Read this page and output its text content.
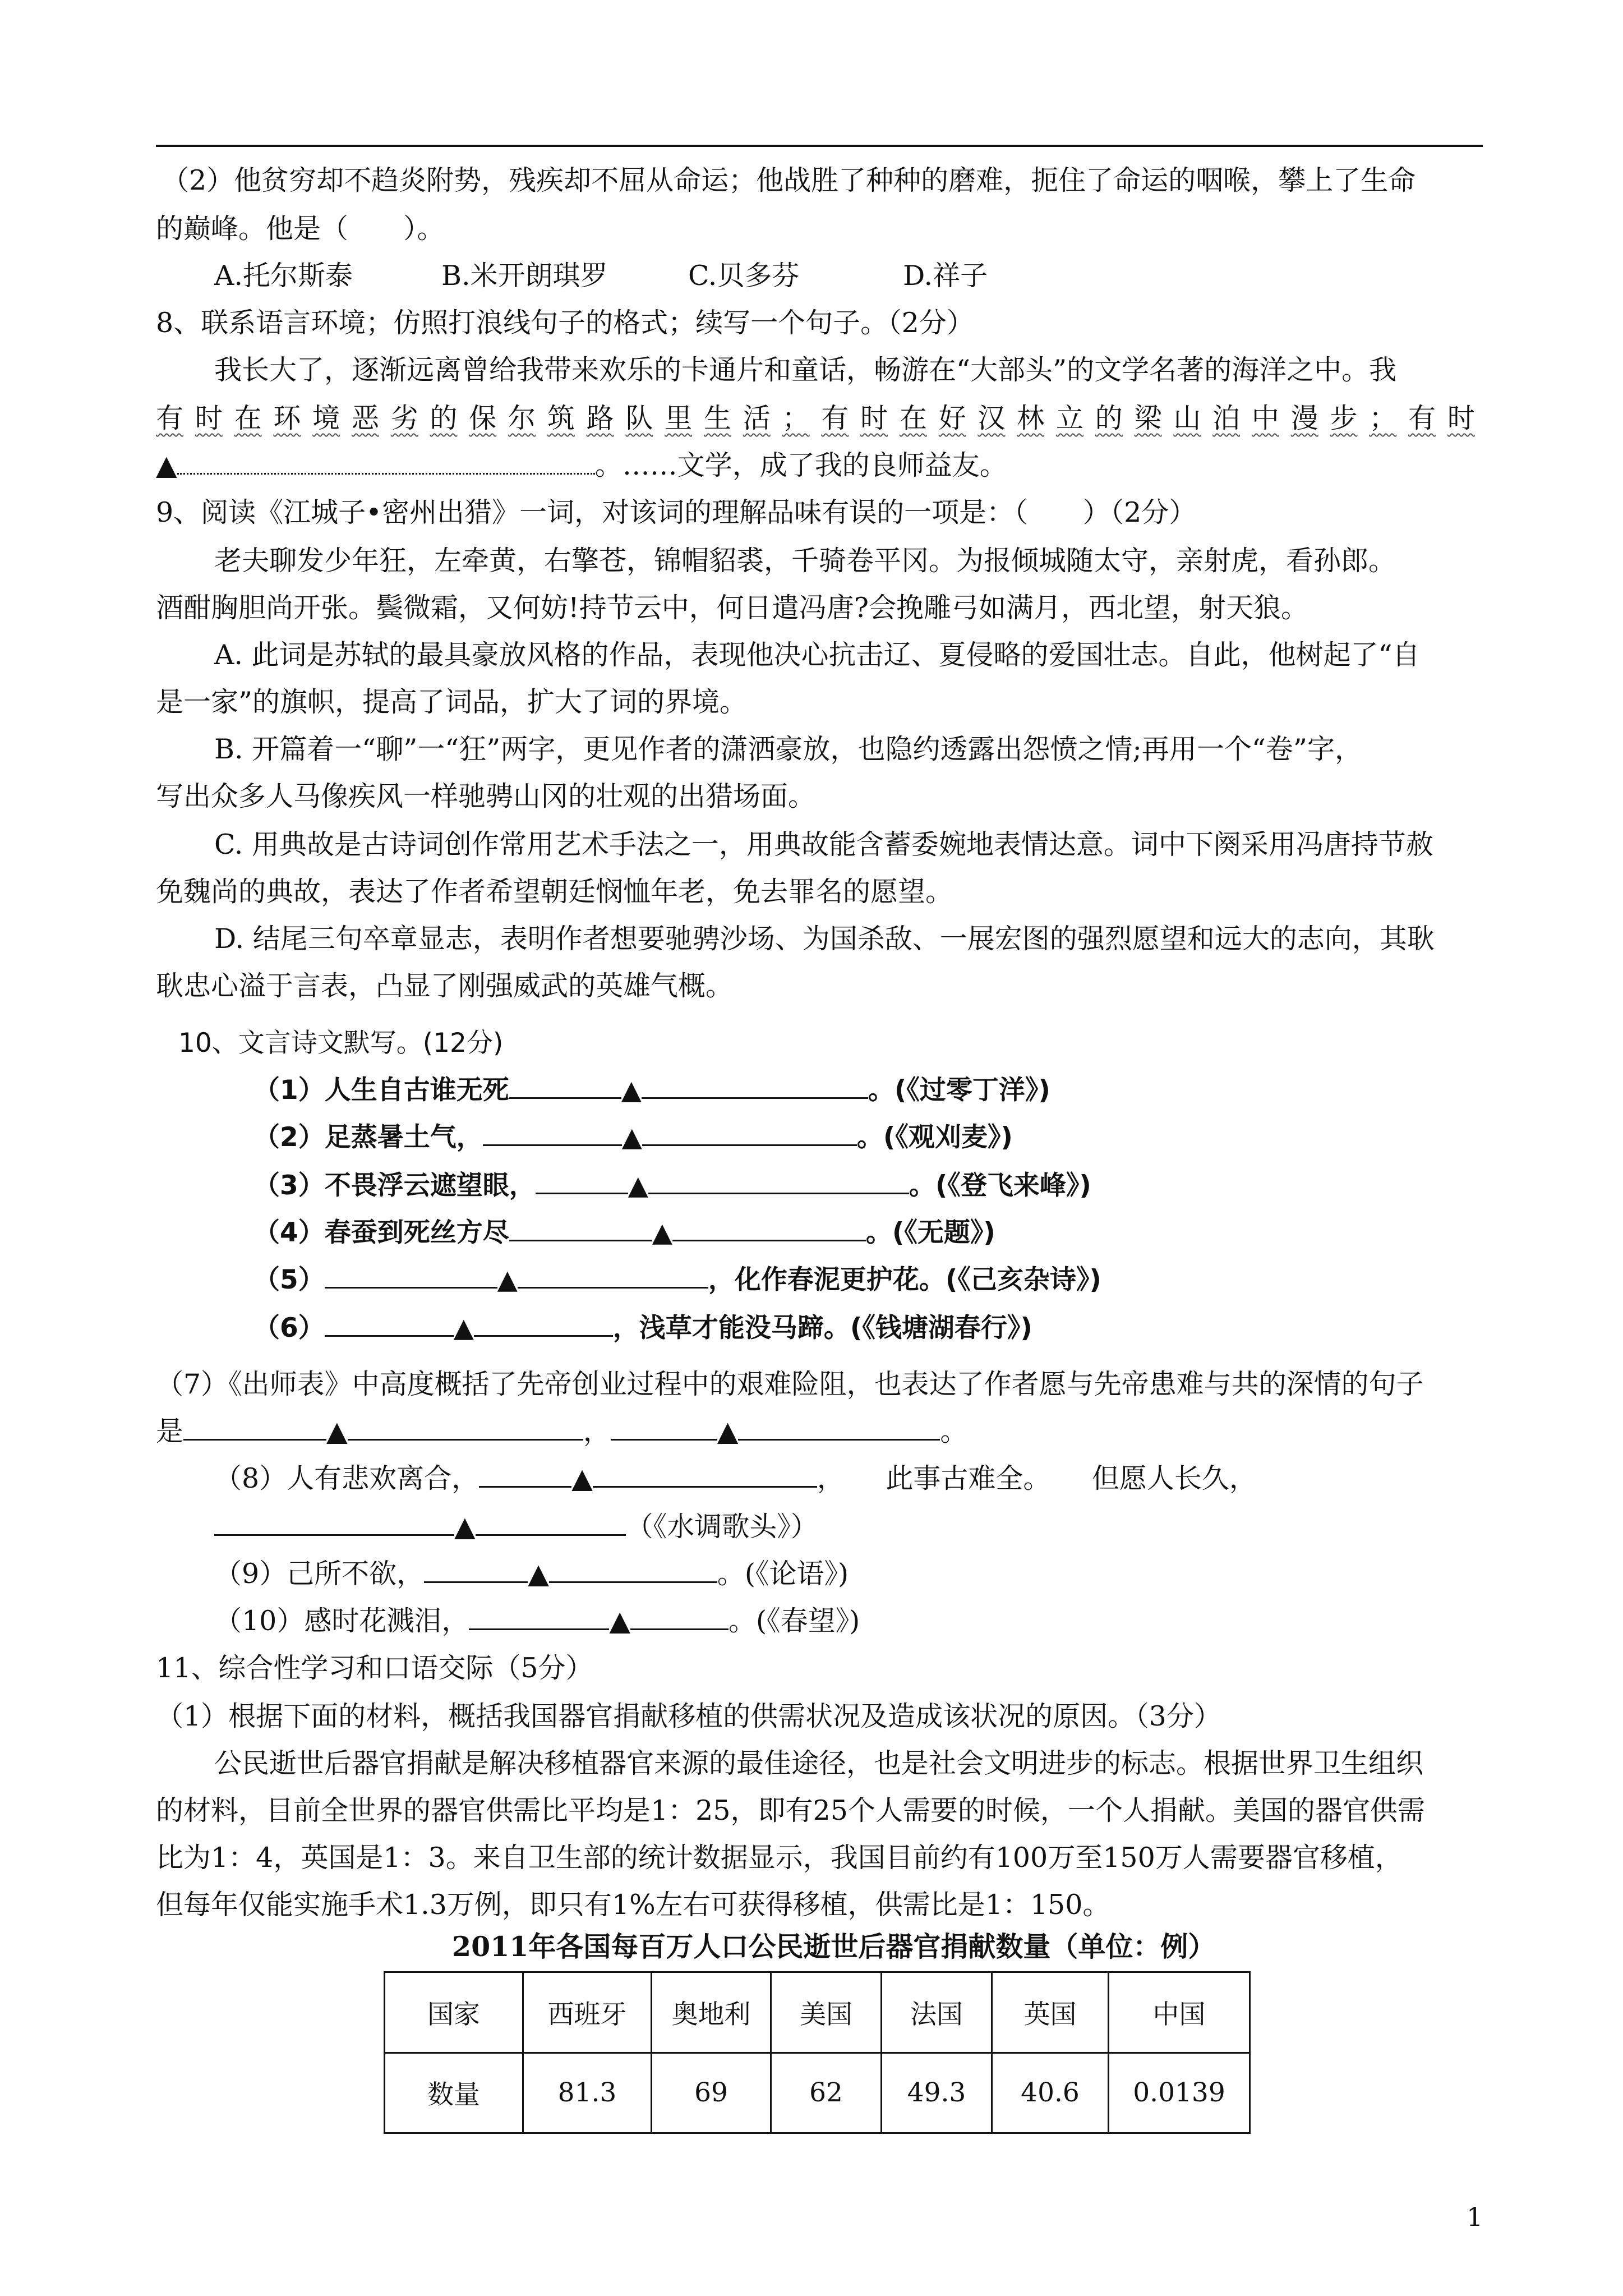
（2）他贫穷却不趋炎附势，残疾却不屈从命运；他战胜了种种的磨难，扼住了命运的咽喉，攀上了生命
的巅峰。他是（　　）。
A.托尔斯泰	B.米开朗琪罗	C.贝多芬	D.祥子
8、联系语言环境；仿照打浪线句子的格式；续写一个句子。（2分）
我长大了，逐渐远离曾给我带来欢乐的卡通片和童话，畅游在“大部头”的文学名著的海洋之中。我
有 时 在 环 境 恶 劣 的 保 尔 筑 路 队 里 生 活 ； 有 时 在 好 汉 林 立 的 梁 山 泊 中 漫 步 ； 有 时
▲	。……文学，成了我的良师益友。
9、阅读《江城子•密州出猎》一词，对该词的理解品味有误的一项是：（　　）（2分）
老夫聊发少年狂，左牵黄，右擎苍，锦帽貂裘，千骑卷平冈。为报倾城随太守，亲射虎，看孙郎。
酒酣胸胆尚开张。鬓微霜，又何妨!持节云中，何日遣冯唐?会挽雕弓如满月，西北望，射天狼。
A. 此词是苏轼的最具豪放风格的作品，表现他决心抗击辽、夏侵略的爱国壮志。自此，他树起了“自
是一家”的旗帜，提高了词品，扩大了词的界境。
B. 开篇着一“聊”一“狂”两字，更见作者的潇洒豪放，也隐约透露出怨愤之情;再用一个“卷”字，
写出众多人马像疾风一样驰骋山冈的壮观的出猎场面。
C. 用典故是古诗词创作常用艺术手法之一，用典故能含蓄委婉地表情达意。词中下阕采用冯唐持节赦
免魏尚的典故，表达了作者希望朝廷悯恤年老，免去罪名的愿望。
D. 结尾三句卒章显志，表明作者想要驰骋沙场、为国杀敌、一展宏图的强烈愿望和远大的志向，其耿
耿忠心溢于言表，凸显了刚强威武的英雄气概。
10、文言诗文默写。(12分)
（1）人生自古谁无死	▲	。(《过零丁洋》)
（2）足蒸暑土气，	▲	。(《观刈麦》)
（3）不畏浮云遮望眼，	▲	。(《登飞来峰》)
（4）春蚕到死丝方尽	▲	。(《无题》)
（5）	▲	，化作春泥更护花。(《己亥杂诗》)
（6）	▲	，浅草才能没马蹄。(《钱塘湖春行》)
（7）《出师表》中高度概括了先帝创业过程中的艰难险阻，也表达了作者愿与先帝患难与共的深情的句子
是	▲	，	▲	。
（8）人有悲欢离合，	▲	，　　此事古难全。　　但愿人长久，
▲	（《水调歌头》）
（9）己所不欲，	▲	。(《论语》)
（10）感时花溅泪，	▲	。(《春望》)
11、综合性学习和口语交际（5分）
（1）根据下面的材料，概括我国器官捐献移植的供需状况及造成该状况的原因。（3分）
公民逝世后器官捐献是解决移植器官来源的最佳途径，也是社会文明进步的标志。根据世界卫生组织
的材料，目前全世界的器官供需比平均是1：25，即有25个人需要的时候，一个人捐献。美国的器官供需
比为1：4，英国是1：3。来自卫生部的统计数据显示，我国目前约有100万至150万人需要器官移植，
但每年仅能实施手术1.3万例，即只有1%左右可获得移植，供需比是1：150。
2011年各国每百万人口公民逝世后器官捐献数量（单位：例）
国家	西班牙	奥地利	美国	法国	英国	中国
数量	81.3	69	62	49.3	40.6	0.0139
1
